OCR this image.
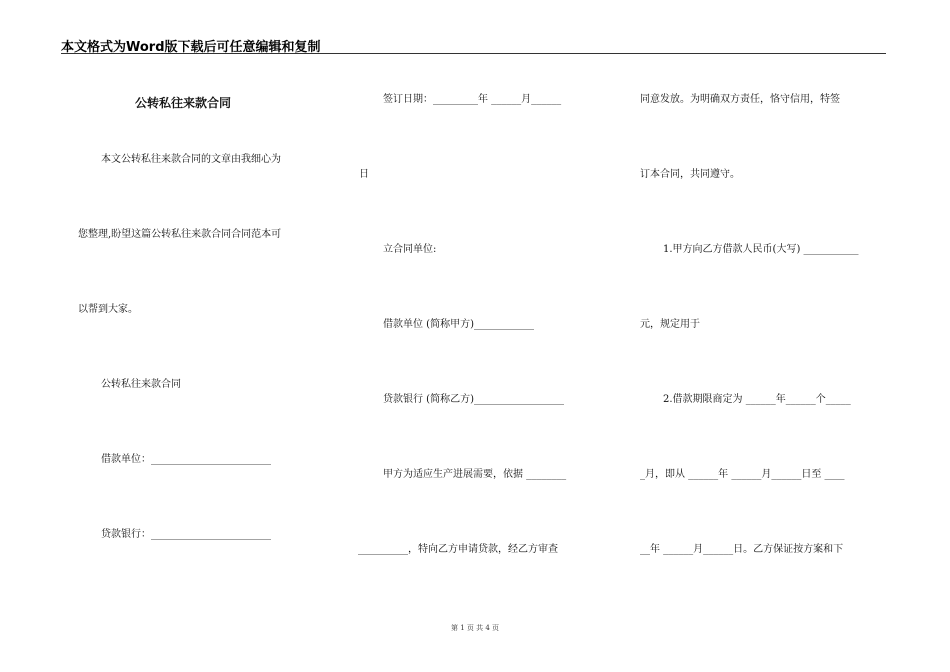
本文格式为Word版下载后可任意编辑和复制
公转私往来款合同
本文公转私往来款合同的文章由我细心为
您整理,盼望这篇公转私往来款合同合同范本可
以帮到大家。
公转私往来款合同
借款单位：________________________
贷款银行：________________________
签订日期：_________年 ______月______
日
立合同单位:
借款单位 (简称甲方)____________
贷款银行 (简称乙方)__________________
甲方为适应生产进展需要，依据 ________
__________，特向乙方申请贷款，经乙方审查
同意发放。为明确双方责任，恪守信用，特签
订本合同，共同遵守。
1.甲方向乙方借款人民币(大写) ___________
元，规定用于
2.借款期限商定为 ______年______个_____
_月，即从 ______年 ______月______日至 ____
__年 ______月______日。乙方保证按方案和下
第 1 页 共 4 页
